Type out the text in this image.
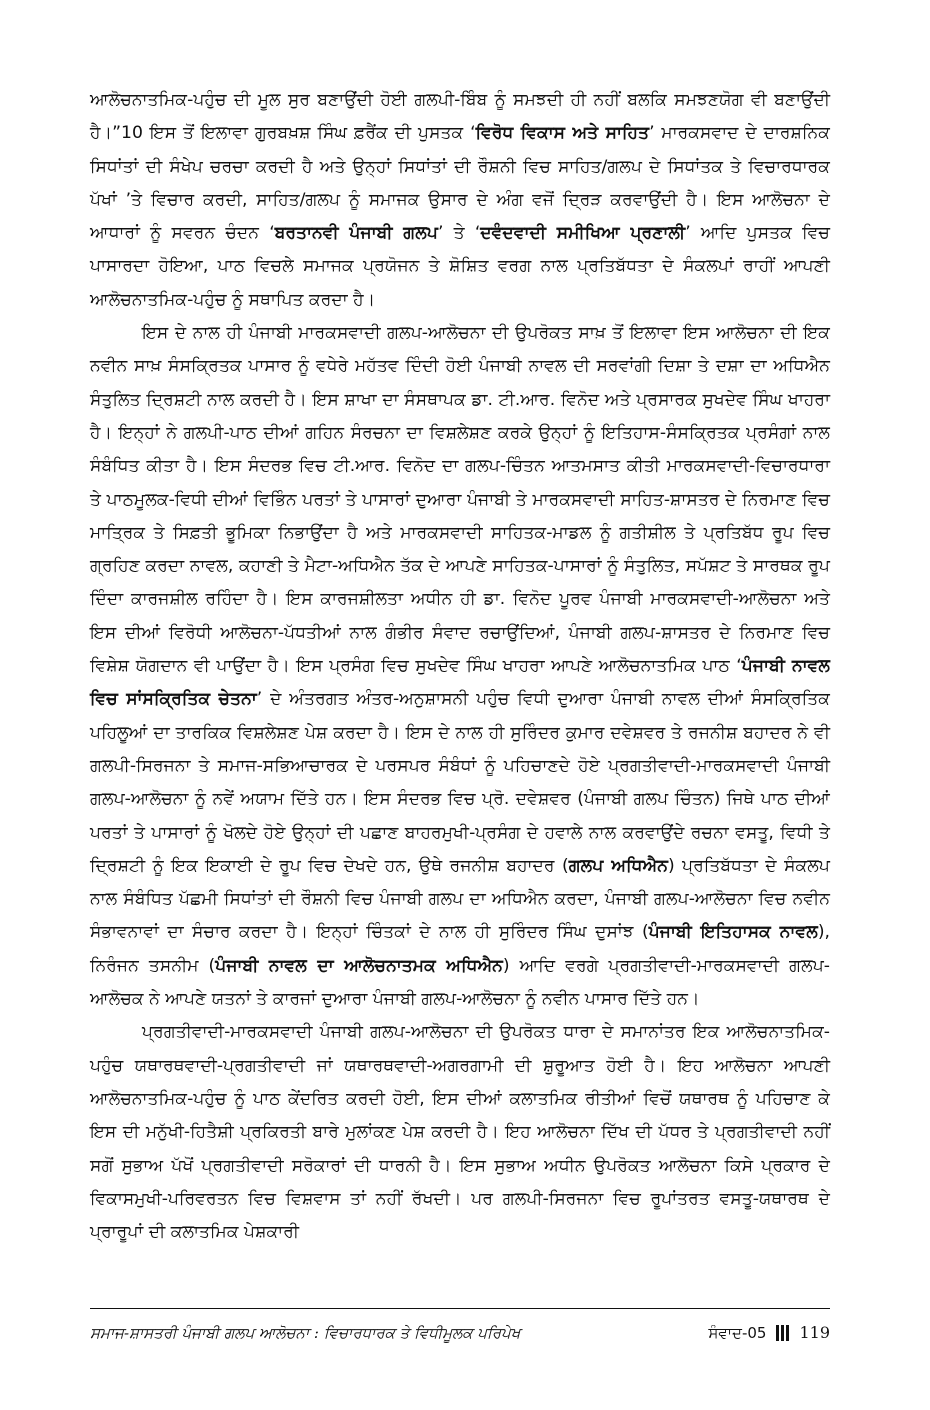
ਆਲੋਚਨਾਤਮਿਕ-ਪਹੁੰਚ ਦੀ ਮੂਲ ਸੁਰ ਬਣਾਉਂਦੀ ਹੋਈ ਗਲਪੀ-ਬਿੰਬ ਨੂੰ ਸਮਝਦੀ ਹੀ ਨਹੀਂ ਬਲਕਿ ਸਮਝਣਯੋਗ ਵੀ ਬਣਾਉਂਦੀ ਹੈ।”10 ਇਸ ਤੋਂ ਇਲਾਵਾ ਗੁਰਬਖ਼ਸ਼ ਸਿੰਘ ਫ਼ਰੈਂਕ ਦੀ ਪੁਸਤਕ ‘ਵਿਰੋਧ ਵਿਕਾਸ ਅਤੇ ਸਾਹਿਤ’ ਮਾਰਕਸਵਾਦ ਦੇ ਦਾਰਸ਼ਨਿਕ ਸਿਧਾਂਤਾਂ ਦੀ ਸੰਖੇਪ ਚਰਚਾ ਕਰਦੀ ਹੈ ਅਤੇ ਉਨ੍ਹਾਂ ਸਿਧਾਂਤਾਂ ਦੀ ਰੌਸ਼ਨੀ ਵਿਚ ਸਾਹਿਤ/ਗਲਪ ਦੇ ਸਿਧਾਂਤਕ ਤੇ ਵਿਚਾਰਧਾਰਕ ਪੱਖਾਂ ’ਤੇ ਵਿਚਾਰ ਕਰਦੀ, ਸਾਹਿਤ/ਗਲਪ ਨੂੰ ਸਮਾਜਕ ਉਸਾਰ ਦੇ ਅੰਗ ਵਜੋਂ ਦ੍ਰਿੜ ਕਰਵਾਉਂਦੀ ਹੈ। ਇਸ ਆਲੋਚਨਾ ਦੇ ਆਧਾਰਾਂ ਨੂੰ ਸਵਰਨ ਚੰਦਨ ‘ਬਰਤਾਨਵੀ ਪੰਜਾਬੀ ਗਲਪ’ ਤੇ ‘ਦਵੰਦਵਾਦੀ ਸਮੀਖਿਆ ਪ੍ਰਣਾਲੀ’ ਆਦਿ ਪੁਸਤਕ ਵਿਚ ਪਾਸਾਰਦਾ ਹੋਇਆ, ਪਾਠ ਵਿਚਲੇ ਸਮਾਜਕ ਪ੍ਰਯੋਜਨ ਤੇ ਸ਼ੋਸ਼ਿਤ ਵਰਗ ਨਾਲ ਪ੍ਰਤਿਬੱਧਤਾ ਦੇ ਸੰਕਲਪਾਂ ਰਾਹੀਂ ਆਪਣੀ ਆਲੋਚਨਾਤਮਿਕ-ਪਹੁੰਚ ਨੂੰ ਸਥਾਪਿਤ ਕਰਦਾ ਹੈ।

ਇਸ ਦੇ ਨਾਲ ਹੀ ਪੰਜਾਬੀ ਮਾਰਕਸਵਾਦੀ ਗਲਪ-ਆਲੋਚਨਾ ਦੀ ਉਪਰੋਕਤ ਸਾਖ਼ ਤੋਂ ਇਲਾਵਾ ਇਸ ਆਲੋਚਨਾ ਦੀ ਇਕ ਨਵੀਨ ਸਾਖ਼ ਸੰਸਕ੍ਰਿਤਕ ਪਾਸਾਰ ਨੂੰ ਵਧੇਰੇ ਮਹੱਤਵ ਦਿੰਦੀ ਹੋਈ ਪੰਜਾਬੀ ਨਾਵਲ ਦੀ ਸਰਵਾਂਗੀ ਦਿਸ਼ਾ ਤੇ ਦਸ਼ਾ ਦਾ ਅਧਿਐਨ ਸੰਤੁਲਿਤ ਦ੍ਰਿਸ਼ਟੀ ਨਾਲ ਕਰਦੀ ਹੈ। ਇਸ ਸ਼ਾਖਾ ਦਾ ਸੰਸਥਾਪਕ ਡਾ. ਟੀ.ਆਰ. ਵਿਨੋਦ ਅਤੇ ਪ੍ਰਸਾਰਕ ਸੁਖਦੇਵ ਸਿੰਘ ਖਾਹਰਾ ਹੈ। ਇਨ੍ਹਾਂ ਨੇ ਗਲਪੀ-ਪਾਠ ਦੀਆਂ ਗਹਿਨ ਸੰਰਚਨਾ ਦਾ ਵਿਸ਼ਲੇਸ਼ਣ ਕਰਕੇ ਉਨ੍ਹਾਂ ਨੂੰ ਇਤਿਹਾਸ-ਸੰਸਕ੍ਰਿਤਕ ਪ੍ਰਸੰਗਾਂ ਨਾਲ ਸੰਬੰਧਿਤ ਕੀਤਾ ਹੈ। ਇਸ ਸੰਦਰਭ ਵਿਚ ਟੀ.ਆਰ. ਵਿਨੋਦ ਦਾ ਗਲਪ-ਚਿੰਤਨ ਆਤਮਸਾਤ ਕੀਤੀ ਮਾਰਕਸਵਾਦੀ-ਵਿਚਾਰਧਾਰਾ ਤੇ ਪਾਠਮੂਲਕ-ਵਿਧੀ ਦੀਆਂ ਵਿਭਿੰਨ ਪਰਤਾਂ ਤੇ ਪਾਸਾਰਾਂ ਦੁਆਰਾ ਪੰਜਾਬੀ ਤੇ ਮਾਰਕਸਵਾਦੀ ਸਾਹਿਤ-ਸ਼ਾਸਤਰ ਦੇ ਨਿਰਮਾਣ ਵਿਚ ਮਾਤ੍ਰਿਕ ਤੇ ਸਿਫ਼ਤੀ ਭੂਮਿਕਾ ਨਿਭਾਉਂਦਾ ਹੈ ਅਤੇ ਮਾਰਕਸਵਾਦੀ ਸਾਹਿਤਕ-ਮਾਡਲ ਨੂੰ ਗਤੀਸ਼ੀਲ ਤੇ ਪ੍ਰਤਿਬੱਧ ਰੂਪ ਵਿਚ ਗ੍ਰਹਿਣ ਕਰਦਾ ਨਾਵਲ, ਕਹਾਣੀ ਤੇ ਮੈਟਾ-ਅਧਿਐਨ ਤੱਕ ਦੇ ਆਪਣੇ ਸਾਹਿਤਕ-ਪਾਸਾਰਾਂ ਨੂੰ ਸੰਤੁਲਿਤ, ਸਪੱਸ਼ਟ ਤੇ ਸਾਰਥਕ ਰੂਪ ਦਿੰਦਾ ਕਾਰਜਸ਼ੀਲ ਰਹਿੰਦਾ ਹੈ। ਇਸ ਕਾਰਜਸ਼ੀਲਤਾ ਅਧੀਨ ਹੀ ਡਾ. ਵਿਨੋਦ ਪੂਰਵ ਪੰਜਾਬੀ ਮਾਰਕਸਵਾਦੀ-ਆਲੋਚਨਾ ਅਤੇ ਇਸ ਦੀਆਂ ਵਿਰੋਧੀ ਆਲੋਚਨਾ-ਪੱਧਤੀਆਂ ਨਾਲ ਗੰਭੀਰ ਸੰਵਾਦ ਰਚਾਉਂਦਿਆਂ, ਪੰਜਾਬੀ ਗਲਪ-ਸ਼ਾਸਤਰ ਦੇ ਨਿਰਮਾਣ ਵਿਚ ਵਿਸ਼ੇਸ਼ ਯੋਗਦਾਨ ਵੀ ਪਾਉਂਦਾ ਹੈ। ਇਸ ਪ੍ਰਸੰਗ ਵਿਚ ਸੁਖਦੇਵ ਸਿੰਘ ਖਾਹਰਾ ਆਪਣੇ ਆਲੋਚਨਾਤਮਿਕ ਪਾਠ ‘ਪੰਜਾਬੀ ਨਾਵਲ ਵਿਚ ਸਾਂਸਕ੍ਰਿਤਿਕ ਚੇਤਨਾ’ ਦੇ ਅੰਤਰਗਤ ਅੰਤਰ-ਅਨੁਸ਼ਾਸਨੀ ਪਹੁੰਚ ਵਿਧੀ ਦੁਆਰਾ ਪੰਜਾਬੀ ਨਾਵਲ ਦੀਆਂ ਸੰਸਕ੍ਰਿਤਿਕ ਪਹਿਲੂਆਂ ਦਾ ਤਾਰਕਿਕ ਵਿਸ਼ਲੇਸ਼ਣ ਪੇਸ਼ ਕਰਦਾ ਹੈ। ਇਸ ਦੇ ਨਾਲ ਹੀ ਸੁਰਿੰਦਰ ਕੁਮਾਰ ਦਵੇਸ਼ਵਰ ਤੇ ਰਜਨੀਸ਼ ਬਹਾਦਰ ਨੇ ਵੀ ਗਲਪੀ-ਸਿਰਜਨਾ ਤੇ ਸਮਾਜ-ਸਭਿਆਚਾਰਕ ਦੇ ਪਰਸਪਰ ਸੰਬੰਧਾਂ ਨੂੰ ਪਹਿਚਾਣਦੇ ਹੋਏ ਪ੍ਰਗਤੀਵਾਦੀ-ਮਾਰਕਸਵਾਦੀ ਪੰਜਾਬੀ ਗਲਪ-ਆਲੋਚਨਾ ਨੂੰ ਨਵੇਂ ਅਯਾਮ ਦਿੱਤੇ ਹਨ। ਇਸ ਸੰਦਰਭ ਵਿਚ ਪ੍ਰੋ. ਦਵੇਸ਼ਵਰ (ਪੰਜਾਬੀ ਗਲਪ ਚਿੰਤਨ) ਜਿਥੇ ਪਾਠ ਦੀਆਂ ਪਰਤਾਂ ਤੇ ਪਾਸਾਰਾਂ ਨੂੰ ਖੋਲਦੇ ਹੋਏ ਉਨ੍ਹਾਂ ਦੀ ਪਛਾਣ ਬਾਹਰਮੁਖੀ-ਪ੍ਰਸੰਗ ਦੇ ਹਵਾਲੇ ਨਾਲ ਕਰਵਾਉਂਦੇ ਰਚਨਾ ਵਸਤੂ, ਵਿਧੀ ਤੇ ਦ੍ਰਿਸ਼ਟੀ ਨੂੰ ਇਕ ਇਕਾਈ ਦੇ ਰੂਪ ਵਿਚ ਦੇਖਦੇ ਹਨ, ਉਥੇ ਰਜਨੀਸ਼ ਬਹਾਦਰ (ਗਲਪ ਅਧਿਐਨ) ਪ੍ਰਤਿਬੱਧਤਾ ਦੇ ਸੰਕਲਪ ਨਾਲ ਸੰਬੰਧਿਤ ਪੱਛਮੀ ਸਿਧਾਂਤਾਂ ਦੀ ਰੌਸ਼ਨੀ ਵਿਚ ਪੰਜਾਬੀ ਗਲਪ ਦਾ ਅਧਿਐਨ ਕਰਦਾ, ਪੰਜਾਬੀ ਗਲਪ-ਆਲੋਚਨਾ ਵਿਚ ਨਵੀਨ ਸੰਭਾਵਨਾਵਾਂ ਦਾ ਸੰਚਾਰ ਕਰਦਾ ਹੈ। ਇਨ੍ਹਾਂ ਚਿੰਤਕਾਂ ਦੇ ਨਾਲ ਹੀ ਸੁਰਿੰਦਰ ਸਿੰਘ ਦੁਸਾਂਝ (ਪੰਜਾਬੀ ਇਤਿਹਾਸਕ ਨਾਵਲ), ਨਿਰੰਜਨ ਤਸਨੀਮ (ਪੰਜਾਬੀ ਨਾਵਲ ਦਾ ਆਲੋਚਨਾਤਮਕ ਅਧਿਐਨ) ਆਦਿ ਵਰਗੇ ਪ੍ਰਗਤੀਵਾਦੀ-ਮਾਰਕਸਵਾਦੀ ਗਲਪ-ਆਲੋਚਕ ਨੇ ਆਪਣੇ ਯਤਨਾਂ ਤੇ ਕਾਰਜਾਂ ਦੁਆਰਾ ਪੰਜਾਬੀ ਗਲਪ-ਆਲੋਚਨਾ ਨੂੰ ਨਵੀਨ ਪਾਸਾਰ ਦਿੱਤੇ ਹਨ।

ਪ੍ਰਗਤੀਵਾਦੀ-ਮਾਰਕਸਵਾਦੀ ਪੰਜਾਬੀ ਗਲਪ-ਆਲੋਚਨਾ ਦੀ ਉਪਰੋਕਤ ਧਾਰਾ ਦੇ ਸਮਾਨਾਂਤਰ ਇਕ ਆਲੋਚਨਾਤਮਿਕ-ਪਹੁੰਚ ਯਥਾਰਥਵਾਦੀ-ਪ੍ਰਗਤੀਵਾਦੀ ਜਾਂ ਯਥਾਰਥਵਾਦੀ-ਅਗਰਗਾਮੀ ਦੀ ਸ਼ੁਰੂਆਤ ਹੋਈ ਹੈ। ਇਹ ਆਲੋਚਨਾ ਆਪਣੀ ਆਲੋਚਨਾਤਮਿਕ-ਪਹੁੰਚ ਨੂੰ ਪਾਠ ਕੇਂਦਰਿਤ ਕਰਦੀ ਹੋਈ, ਇਸ ਦੀਆਂ ਕਲਾਤਮਿਕ ਰੀਤੀਆਂ ਵਿਚੋਂ ਯਥਾਰਥ ਨੂੰ ਪਹਿਚਾਣ ਕੇ ਇਸ ਦੀ ਮਨੁੱਖੀ-ਹਿਤੈਸ਼ੀ ਪ੍ਰਕਿਰਤੀ ਬਾਰੇ ਮੁਲਾਂਕਣ ਪੇਸ਼ ਕਰਦੀ ਹੈ। ਇਹ ਆਲੋਚਨਾ ਦਿੱਖ ਦੀ ਪੱਧਰ ਤੇ ਪ੍ਰਗਤੀਵਾਦੀ ਨਹੀਂ ਸਗੋਂ ਸੁਭਾਅ ਪੱਖੋਂ ਪ੍ਰਗਤੀਵਾਦੀ ਸਰੋਕਾਰਾਂ ਦੀ ਧਾਰਨੀ ਹੈ। ਇਸ ਸੁਭਾਅ ਅਧੀਨ ਉਪਰੋਕਤ ਆਲੋਚਨਾ ਕਿਸੇ ਪ੍ਰਕਾਰ ਦੇ ਵਿਕਾਸਮੁਖੀ-ਪਰਿਵਰਤਨ ਵਿਚ ਵਿਸ਼ਵਾਸ ਤਾਂ ਨਹੀਂ ਰੱਖਦੀ। ਪਰ ਗਲਪੀ-ਸਿਰਜਨਾ ਵਿਚ ਰੂਪਾਂਤਰਤ ਵਸਤੂ-ਯਥਾਰਥ ਦੇ ਪ੍ਰਾਰੂਪਾਂ ਦੀ ਕਲਾਤਮਿਕ ਪੇਸ਼ਕਾਰੀ

ਸਮਾਜ-ਸ਼ਾਸਤਰੀ ਪੰਜਾਬੀ ਗਲਪ ਆਲੋਚਨਾ : ਵਿਚਾਰਧਾਰਕ ਤੇ ਵਿਧੀਮੂਲਕ ਪਰਿਪੇਖ	ਸੰਵਾਦ-05 119
